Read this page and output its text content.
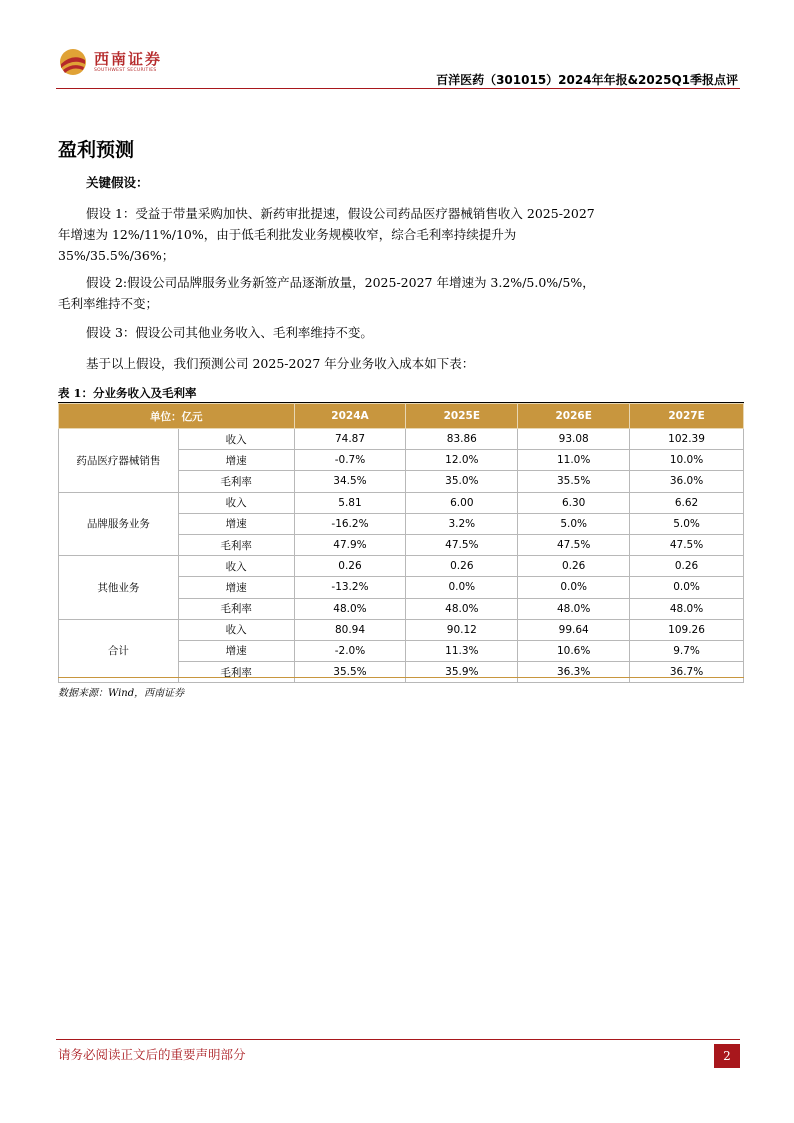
西南证券
SOUTHWEST SECURITIES
百洋医药（301015）2024年年报&2025Q1季报点评
盈利预测
关键假设：
假设 1：受益于带量采购加快、新药审批提速，假设公司药品医疗器械销售收入 2025-2027 年增速为 12%/11%/10%，由于低毛利批发业务规模收窄，综合毛利率持续提升为 35%/35.5%/36%；
假设 2:假设公司品牌服务业务新签产品逐渐放量，2025-2027 年增速为 3.2%/5.0%/5%，毛利率维持不变；
假设 3：假设公司其他业务收入、毛利率维持不变。
基于以上假设，我们预测公司 2025-2027 年分业务收入成本如下表：
表 1：分业务收入及毛利率
单位：亿元		2024A	2025E	2026E	2027E
药品医疗器械销售	收入	74.87	83.86	93.08	102.39
	增速	-0.7%	12.0%	11.0%	10.0%
	毛利率	34.5%	35.0%	35.5%	36.0%
品牌服务业务	收入	5.81	6.00	6.30	6.62
	增速	-16.2%	3.2%	5.0%	5.0%
	毛利率	47.9%	47.5%	47.5%	47.5%
其他业务	收入	0.26	0.26	0.26	0.26
	增速	-13.2%	0.0%	0.0%	0.0%
	毛利率	48.0%	48.0%	48.0%	48.0%
合计	收入	80.94	90.12	99.64	109.26
	增速	-2.0%	11.3%	10.6%	9.7%
	毛利率	35.5%	35.9%	36.3%	36.7%
数据来源：Wind，西南证券
请务必阅读正文后的重要声明部分	2
